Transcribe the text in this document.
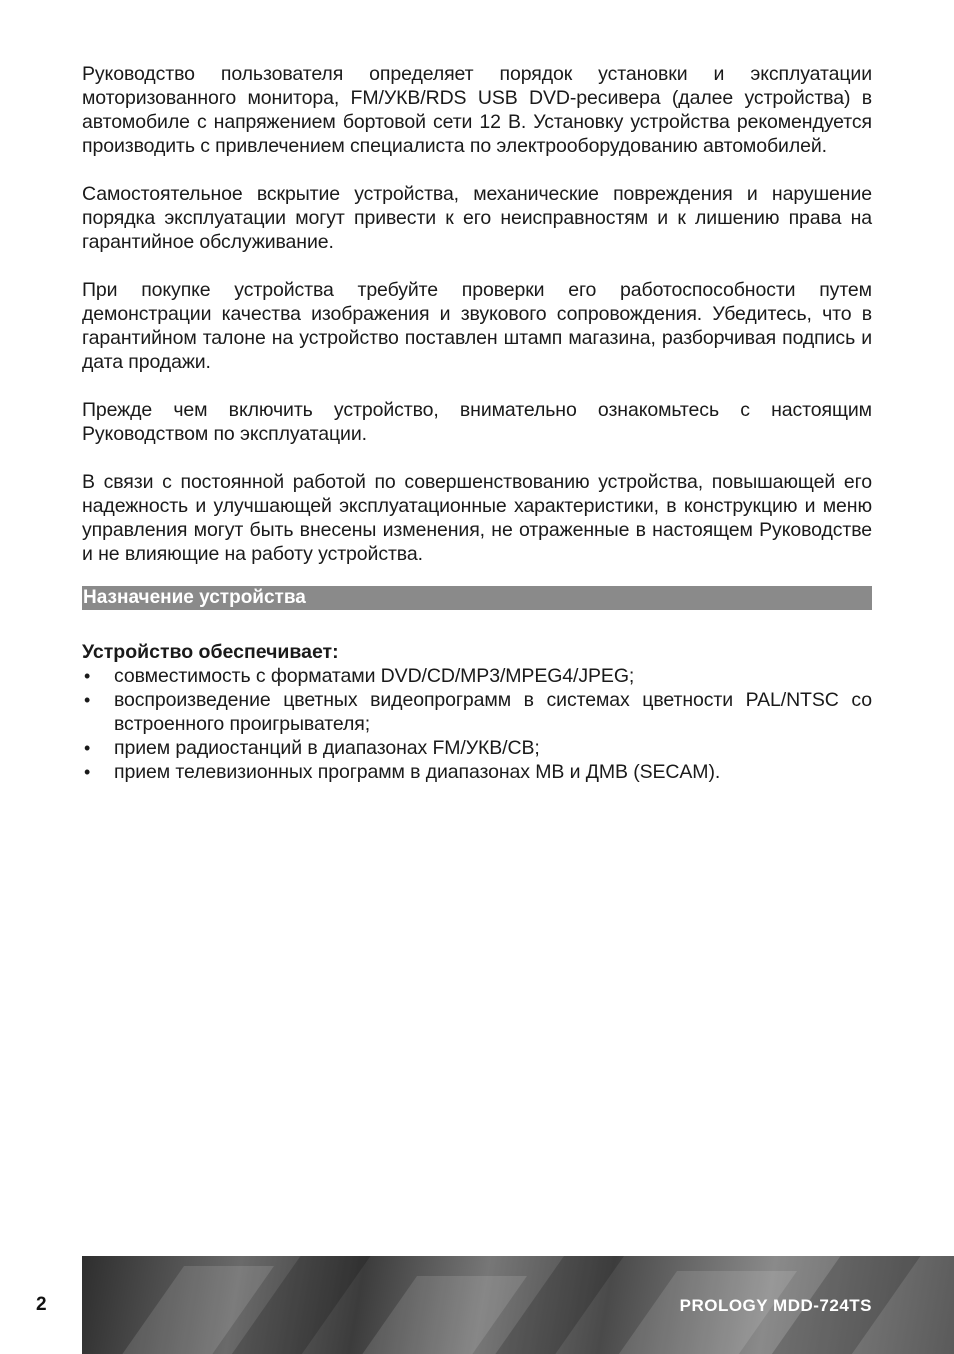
Руководство пользователя определяет порядок установки и эксплуатации моторизованного монитора, FM/УКВ/RDS USB DVD-ресивера (далее устройства) в автомобиле с напряжением бортовой сети 12 В. Установку устройства рекомендуется производить с привлечением специалиста по электрооборудованию автомобилей.

Самостоятельное вскрытие устройства, механические повреждения и нарушение порядка эксплуатации могут привести к его неисправностям и к лишению права на гарантийное обслуживание.

При покупке устройства требуйте проверки его работоспособности путем демонстрации качества изображения и звукового сопровождения. Убедитесь, что в гарантийном талоне на устройство поставлен штамп магазина, разборчивая подпись и дата продажи.

Прежде чем включить устройство, внимательно ознакомьтесь с настоящим Руководством по эксплуатации.

В связи с постоянной работой по совершенствованию устройства, повышающей его надежность и улучшающей эксплуатационные характеристики, в конструкцию и меню управления могут быть внесены изменения, не отраженные в настоящем Руководстве и не влияющие на работу устройства.

Назначение устройства
Устройство обеспечивает:
• совместимость с форматами DVD/CD/MP3/MPEG4/JPEG;
• воспроизведение цветных видеопрограмм в системах цветности PAL/NTSC со встроенного проигрывателя;
• прием радиостанций в диапазонах FM/УКВ/CB;
• прием телевизионных программ в диапазонах МВ и ДМВ (SECAM).
2	PROLOGY MDD-724TS
